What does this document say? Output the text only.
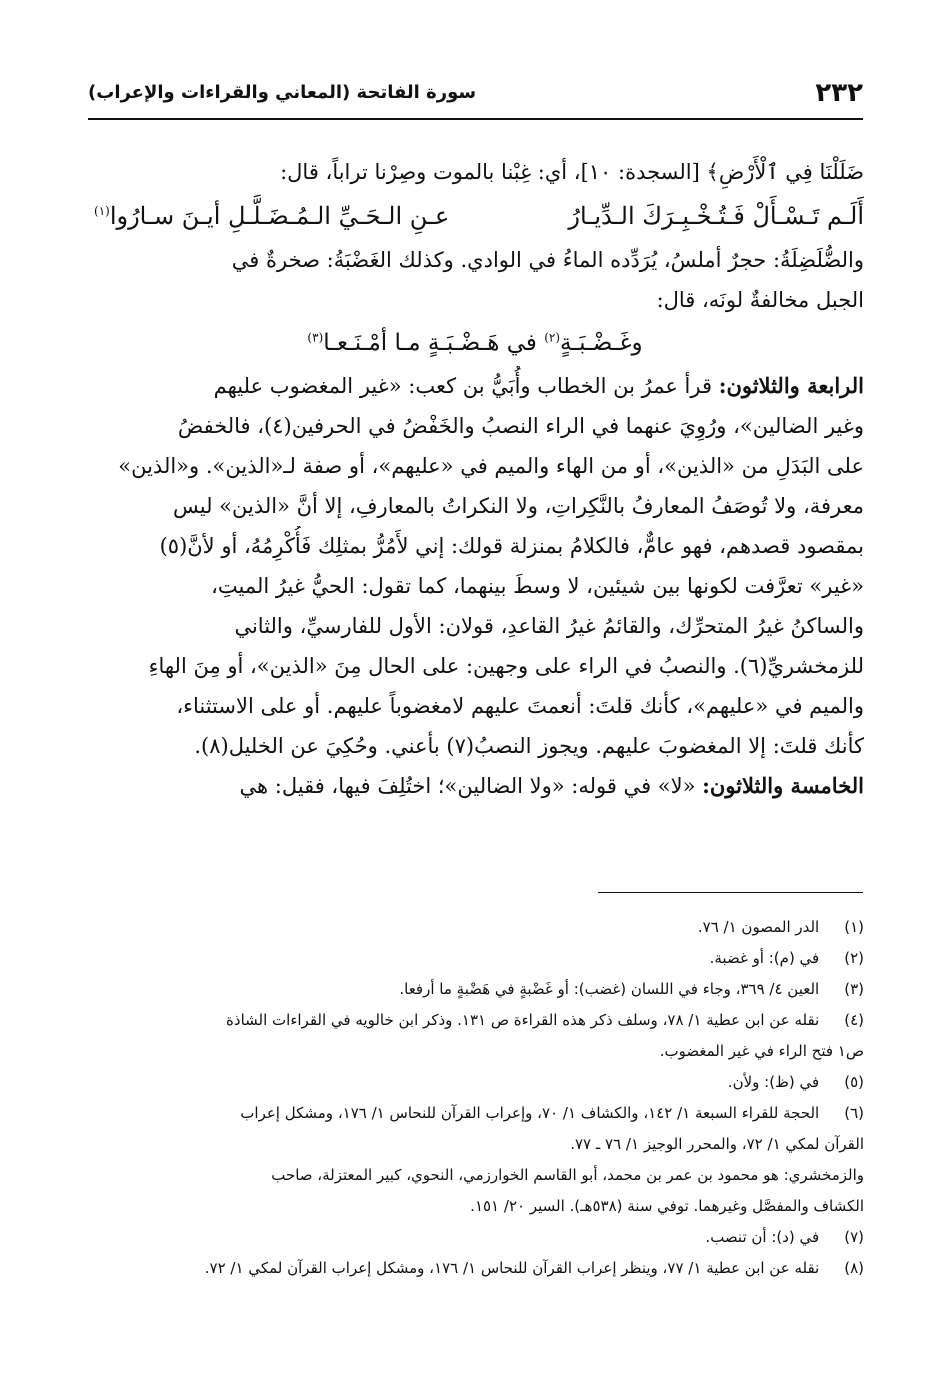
٢٣٢
سورة الفاتحة (المعاني والقراءات والإعراب)
ضَلَلْنَا فِي ٱلْأَرْضِ﴾ [السجدة: ١٠]، أي: غِبْنا بالموت وصِرْنا تراباً، قال:
أَلَـم تَـسْـأَلْ فَـتُـخْـبِـرَكَ الـدِّيـارُعـنِ الـحَـيِّ الـمُـضَـلَّـلِ أيـنَ سـارُوا$^{(١)}$
والضُّلَضِلَةُ: حجرٌ أملسُ، يُرَدِّده الماءُ في الوادي. وكذلك الغَضْبَةُ: صخرةٌ في
الجبل مخالفةٌ لونَه، قال:
وغَـضْـبَـةٍ$^{(٢)}$ في هَـضْـبَـةٍ مـا أمْـنَـعـا$^{(٣)}$
الرابعة والثلاثون: قرأ عمرُ بن الخطاب وأُبَيُّ بن كعب: «غير المغضوب عليهم
وغير الضالين»، ورُوِيَ عنهما في الراء النصبُ والخَفْضُ في الحرفين(٤)، فالخفضُ
على البَدَلِ من «الذين»، أو من الهاء والميم في «عليهم»، أو صفة لـ«الذين». و«الذين»
معرفة، ولا تُوصَفُ المعارفُ بالنَّكِراتِ، ولا النكراتُ بالمعارفِ، إلا أنَّ «الذين» ليس
بمقصود قصدهم، فهو عامٌّ، فالكلامُ بمنزلة قولك: إني لأَمُرُّ بمثلِك فَأُكْرِمُهُ، أو لأنَّ(٥)
«غير» تعرَّفت لكونها بين شيئين، لا وسطَ بينهما، كما تقول: الحيُّ غيرُ الميتِ،
والساكنُ غيرُ المتحرِّك، والقائمُ غيرُ القاعدِ، قولان: الأول للفارسيِّ، والثاني
للزمخشريِّ(٦). والنصبُ في الراء على وجهين: على الحال مِنَ «الذين»، أو مِنَ الهاءِ
والميم في «عليهم»، كأنك قلتَ: أنعمتَ عليهم لامغضوباً عليهم. أو على الاستثناء،
كأنك قلتَ: إلا المغضوبَ عليهم. ويجوز النصبُ(٧) بأعني. وحُكِيَ عن الخليل(٨).
الخامسة والثلاثون: «لا» في قوله: «ولا الضالين»؛ اختُلِفَ فيها، فقيل: هي
(١) الدر المصون ١/ ٧٦.
(٢) في (م): أو غضبة.
(٣) العين ٤/ ٣٦٩، وجاء في اللسان (غضب): أو غَضْبةٍ في هَضْبةٍ ما أرفعا.
(٤) نقله عن ابن عطية ١/ ٧٨، وسلف ذكر هذه القراءة ص ١٣١. وذكر ابن خالويه في القراءات الشاذة
ص١ فتح الراء في غير المغضوب.
(٥) في (ظ): ولأن.
(٦) الحجة للقراء السبعة ١/ ١٤٢، والكشاف ١/ ٧٠، وإعراب القرآن للنحاس ١/ ١٧٦، ومشكل إعراب
القرآن لمكي ١/ ٧٢، والمحرر الوجيز ١/ ٧٦ ـ ٧٧.
والزمخشري: هو محمود بن عمر بن محمد، أبو القاسم الخوارزمي، النحوي، كبير المعتزلة، صاحب
الكشاف والمفصَّل وغيرهما. توفي سنة (٥٣٨هـ). السير ٢٠/ ١٥١.
(٧) في (د): أن تنصب.
(٨) نقله عن ابن عطية ١/ ٧٧، وينظر إعراب القرآن للنحاس ١/ ١٧٦، ومشكل إعراب القرآن لمكي ١/ ٧٢.
